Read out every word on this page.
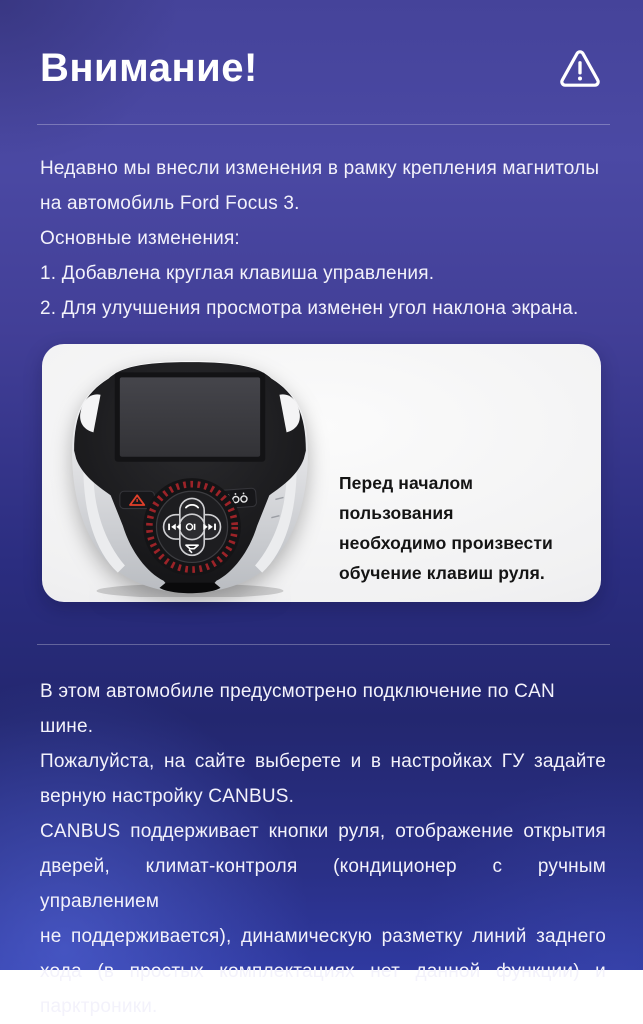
Внимание!
Недавно мы внесли изменения в рамку крепления магнитолы
на автомобиль Ford Focus 3.
Основные изменения:
1. Добавлена круглая клавиша управления.
2. Для улучшения просмотра изменен угол наклона экрана.
Перед началом пользования
необходимо произвести
обучение клавиш руля.
В этом автомобиле предусмотрено подключение по CAN шине.
Пожалуйста, на сайте выберете и в настройках ГУ задайте
верную настройку CANBUS.
CANBUS поддерживает кнопки руля, отображение открытия
дверей, климат-контроля (кондиционер с ручным управлением
не поддерживается), динамическую разметку линий заднего
хода (в простых комплектациях нет данной функции) и
парктроники.
